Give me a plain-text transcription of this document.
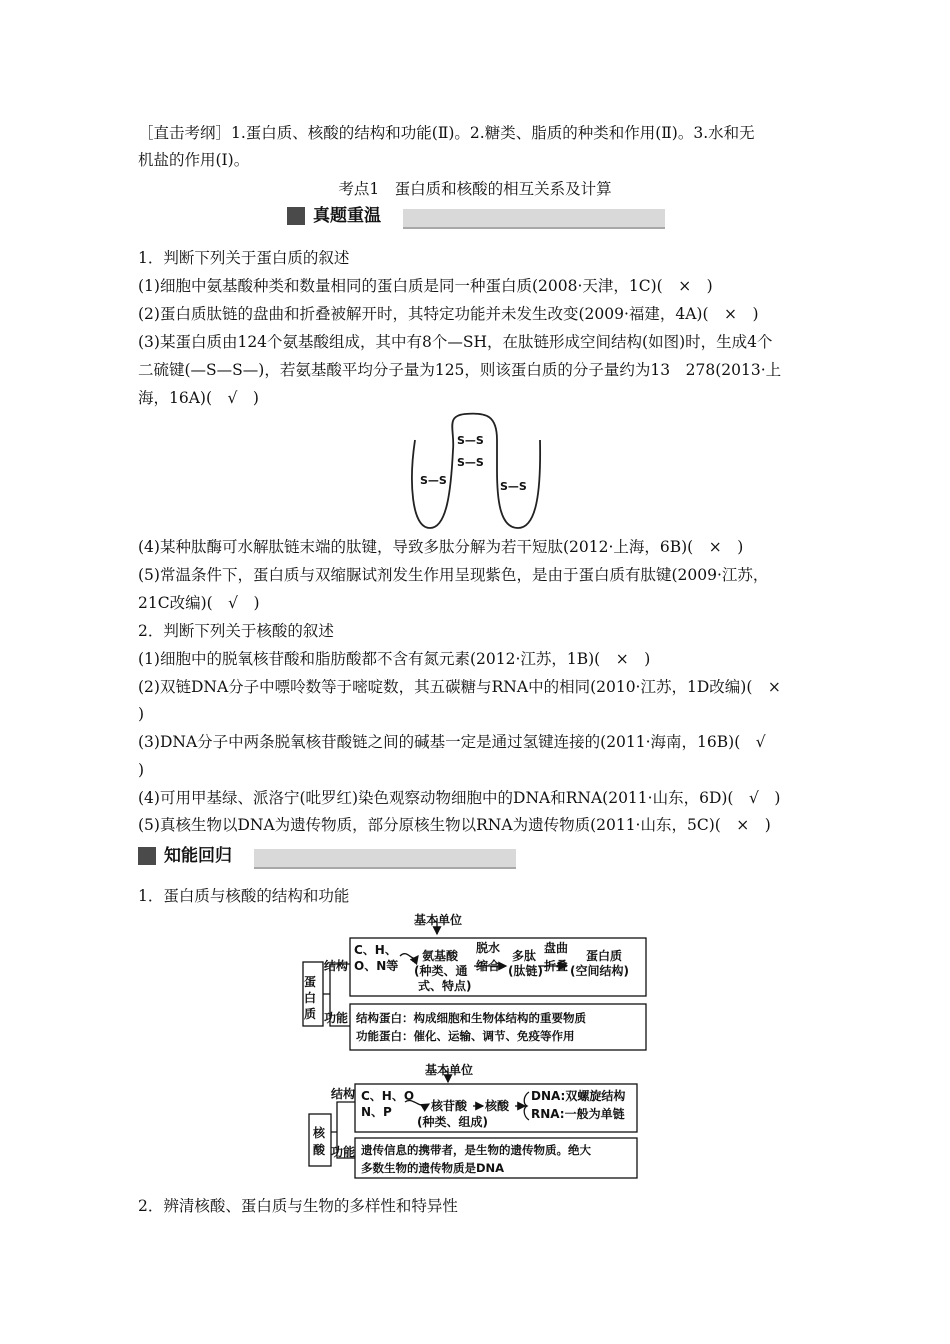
［直击考纲］1.蛋白质、核酸的结构和功能(Ⅱ)。2.糖类、脂质的种类和作用(Ⅱ)。3.水和无
机盐的作用(Ⅰ)。
考点1　蛋白质和核酸的相互关系及计算
真题重温
1．判断下列关于蛋白质的叙述
(1)细胞中氨基酸种类和数量相同的蛋白质是同一种蛋白质(2008·天津，1C)(　×　)
(2)蛋白质肽链的盘曲和折叠被解开时，其特定功能并未发生改变(2009·福建，4A)(　×　)
(3)某蛋白质由124个氨基酸组成，其中有8个—SH，在肽链形成空间结构(如图)时，生成4个
二硫键(—S—S—)，若氨基酸平均分子量为125，则该蛋白质的分子量约为13　278(2013·上
海，16A)(　√　)
S—S
S—S
S—S	S—S
(4)某种肽酶可水解肽链末端的肽键，导致多肽分解为若干短肽(2012·上海，6B)(　×　)
(5)常温条件下，蛋白质与双缩脲试剂发生作用呈现紫色，是由于蛋白质有肽键(2009·江苏，
21C改编)(　√　)
2．判断下列关于核酸的叙述
(1)细胞中的脱氧核苷酸和脂肪酸都不含有氮元素(2012·江苏，1B)(　×　)
(2)双链DNA分子中嘌呤数等于嘧啶数，其五碳糖与RNA中的相同(2010·江苏，1D改编)(　×
)
(3)DNA分子中两条脱氧核苷酸链之间的碱基一定是通过氢键连接的(2011·海南，16B)(　√
)
(4)可用甲基绿、派洛宁(吡罗红)染色观察动物细胞中的DNA和RNA(2011·山东，6D)(　√　)
(5)真核生物以DNA为遗传物质，部分原核生物以RNA为遗传物质(2011·山东，5C)(　×　)
知能回归
1．蛋白质与核酸的结构和功能
基本单位
蛋
白
质
结构
功能
C、H、
O、N等
氨基酸
(种类、通
式、特点)
脱水
缩合
多肽
(肽链)
盘曲
折叠
蛋白质
(空间结构)
结构蛋白：构成细胞和生物体结构的重要物质
功能蛋白：催化、运输、调节、免疫等作用
基本单位
核
酸
结构
功能
C、H、O
N、P	核苷酸
(种类、组成)
核酸
DNA:双螺旋结构
RNA:一般为单链
遗传信息的携带者，是生物的遗传物质。绝大
多数生物的遗传物质是DNA
2．辨清核酸、蛋白质与生物的多样性和特异性
